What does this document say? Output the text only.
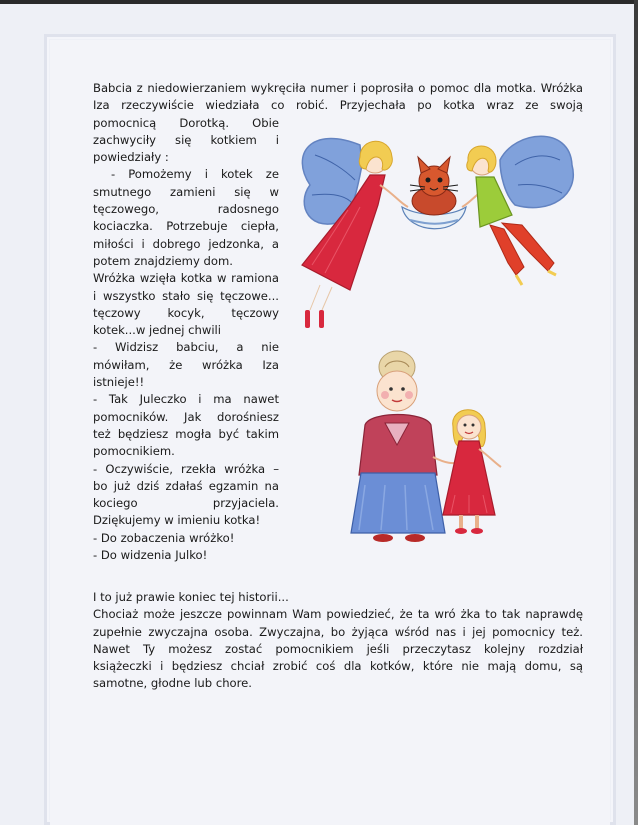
Babcia z niedowierzaniem wykręciła numer i poprosiła o pomoc dla motka. Wróżka

Iza rzeczywiście wiedziała co robić. Przyjechała po kotka wraz ze swoją

pomocnicą Dorotką. Obie

zachwyciły się kotkiem i

powiedziały :

- Pomożemy i kotek ze

smutnego zamieni się w

tęczowego, radosnego

kociaczka. Potrzebuje ciepła,

miłości i dobrego jedzonka, a

potem znajdziemy dom.

Wróżka wzięła kotka w ramiona

i wszystko stało się tęczowe...

tęczowy kocyk, tęczowy

kotek...w jednej chwili

- Widzisz babciu, a nie

mówiłam, że wróżka Iza

istnieje!!

- Tak Juleczko i ma nawet

pomocników. Jak dorośniesz

też będziesz mogła być takim

pomocnikiem.

- Oczywiście, rzekła wróżka –

bo już dziś zdałaś egzamin na

kociego przyjaciela.

Dziękujemy w imieniu kotka!

- Do zobaczenia wróżko!

- Do widzenia Julko!

I to już prawie koniec tej historii...

Chociaż może jeszcze powinnam Wam powiedzieć, że ta wró żka to tak naprawdę

zupełnie zwyczajna osoba. Zwyczajna, bo żyjąca wśród nas i jej pomocnicy też.

Nawet Ty możesz zostać pomocnikiem jeśli przeczytasz kolejny rozdział

książeczki i będziesz chciał zrobić coś dla kotków, które nie mają domu, są

samotne, głodne lub chore.
